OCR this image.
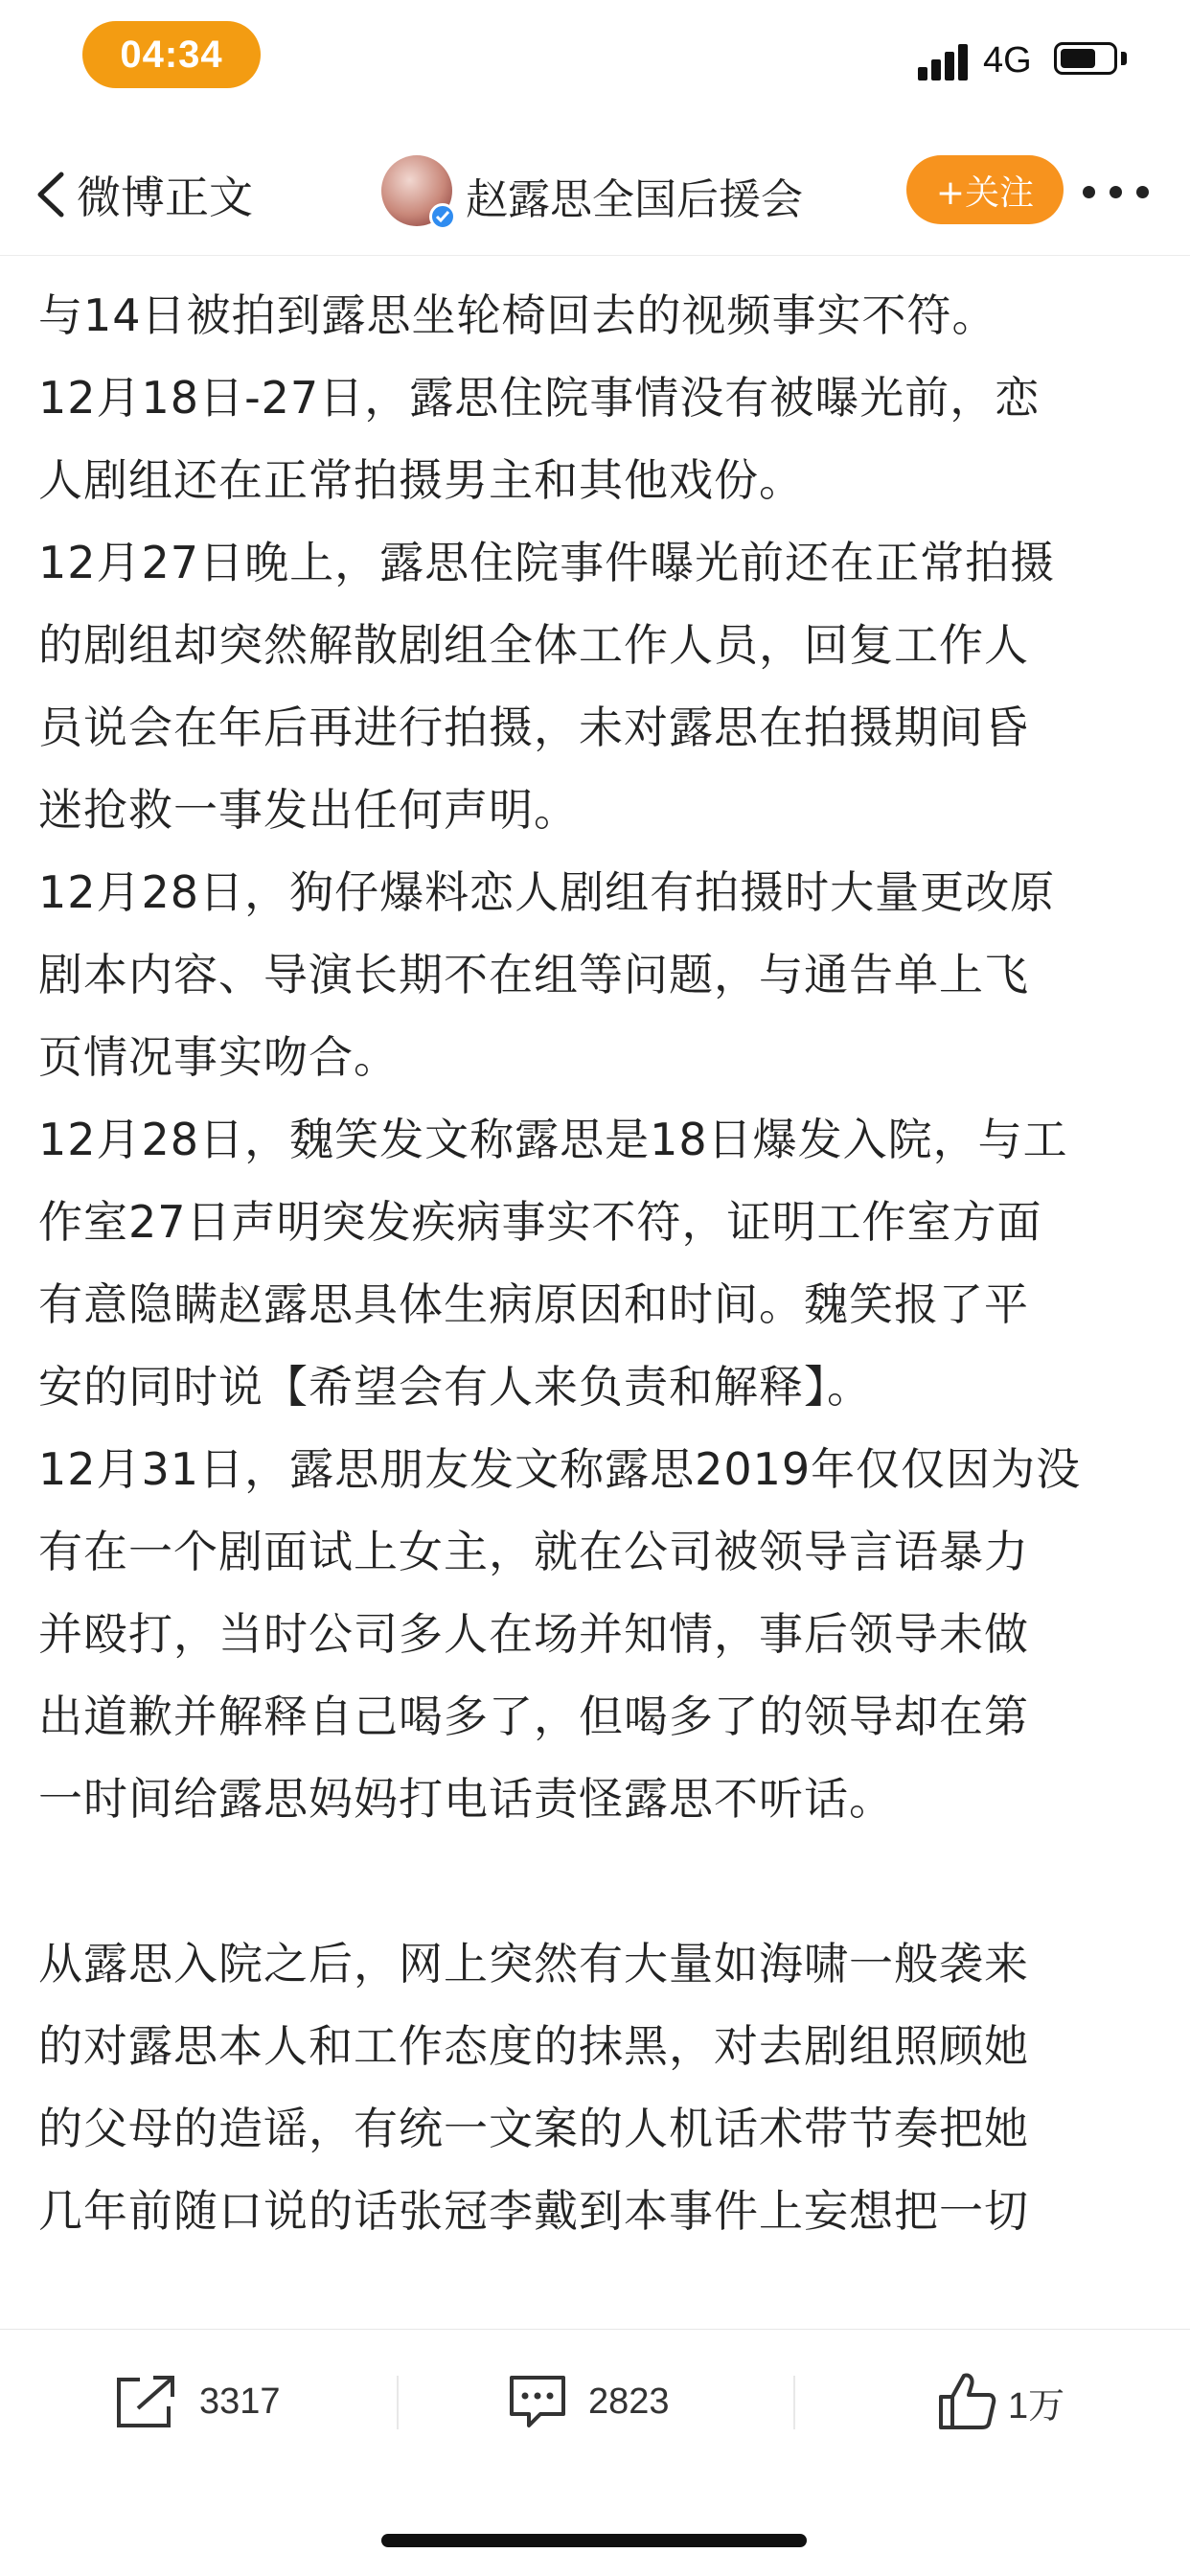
04:34	4G
微博正文	赵露思全国后援会	+关注

与14日被拍到露思坐轮椅回去的视频事实不符。

12月18日-27日，露思住院事情没有被曝光前，恋
人剧组还在正常拍摄男主和其他戏份。

12月27日晚上，露思住院事件曝光前还在正常拍摄
的剧组却突然解散剧组全体工作人员，回复工作人
员说会在年后再进行拍摄，未对露思在拍摄期间昏
迷抢救一事发出任何声明。

12月28日，狗仔爆料恋人剧组有拍摄时大量更改原
剧本内容、导演长期不在组等问题，与通告单上飞
页情况事实吻合。

12月28日，魏笑发文称露思是18日爆发入院，与工
作室27日声明突发疾病事实不符，证明工作室方面
有意隐瞒赵露思具体生病原因和时间。魏笑报了平
安的同时说【希望会有人来负责和解释】。

12月31日，露思朋友发文称露思2019年仅仅因为没
有在一个剧面试上女主，就在公司被领导言语暴力
并殴打，当时公司多人在场并知情，事后领导未做
出道歉并解释自己喝多了，但喝多了的领导却在第
一时间给露思妈妈打电话责怪露思不听话。

从露思入院之后，网上突然有大量如海啸一般袭来
的对露思本人和工作态度的抹黑，对去剧组照顾她
的父母的造谣，有统一文案的人机话术带节奏把她
几年前随口说的话张冠李戴到本事件上妄想把一切

3317	2823	1万
